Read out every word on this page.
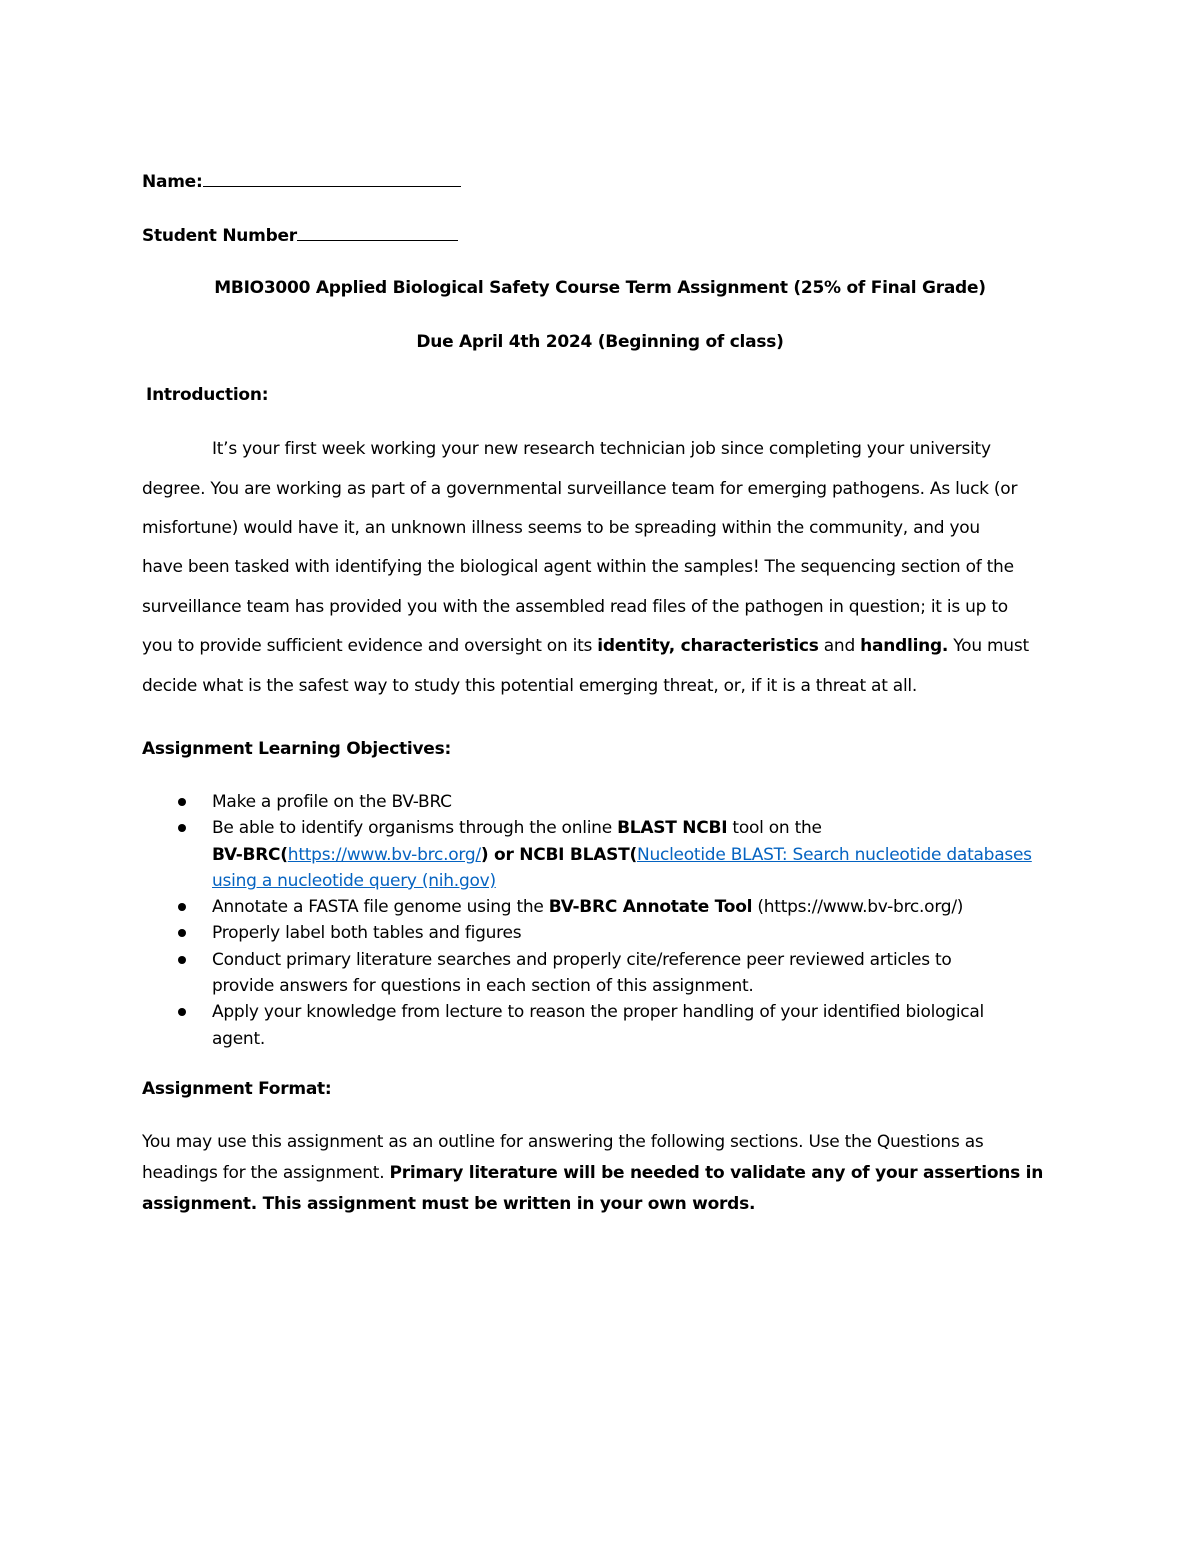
Name:
Student Number
MBIO3000 Applied Biological Safety Course Term Assignment (25% of Final Grade)
Due April 4th 2024 (Beginning of class)
Introduction:
It’s your first week working your new research technician job since completing your university
degree. You are working as part of a governmental surveillance team for emerging pathogens. As luck (or
misfortune) would have it, an unknown illness seems to be spreading within the community, and you
have been tasked with identifying the biological agent within the samples! The sequencing section of the
surveillance team has provided you with the assembled read files of the pathogen in question; it is up to
you to provide sufficient evidence and oversight on its identity, characteristics and handling. You must
decide what is the safest way to study this potential emerging threat, or, if it is a threat at all.
Assignment Learning Objectives:
Make a profile on the BV-BRC
Be able to identify organisms through the online BLAST NCBI tool on the
BV-BRC(https://www.bv-brc.org/) or NCBI BLAST(Nucleotide BLAST: Search nucleotide databases
using a nucleotide query (nih.gov)
Annotate a FASTA file genome using the BV-BRC Annotate Tool (https://www.bv-brc.org/)
Properly label both tables and figures
Conduct primary literature searches and properly cite/reference peer reviewed articles to
provide answers for questions in each section of this assignment.
Apply your knowledge from lecture to reason the proper handling of your identified biological
agent.
Assignment Format:
You may use this assignment as an outline for answering the following sections. Use the Questions as
headings for the assignment. Primary literature will be needed to validate any of your assertions in
assignment. This assignment must be written in your own words.
